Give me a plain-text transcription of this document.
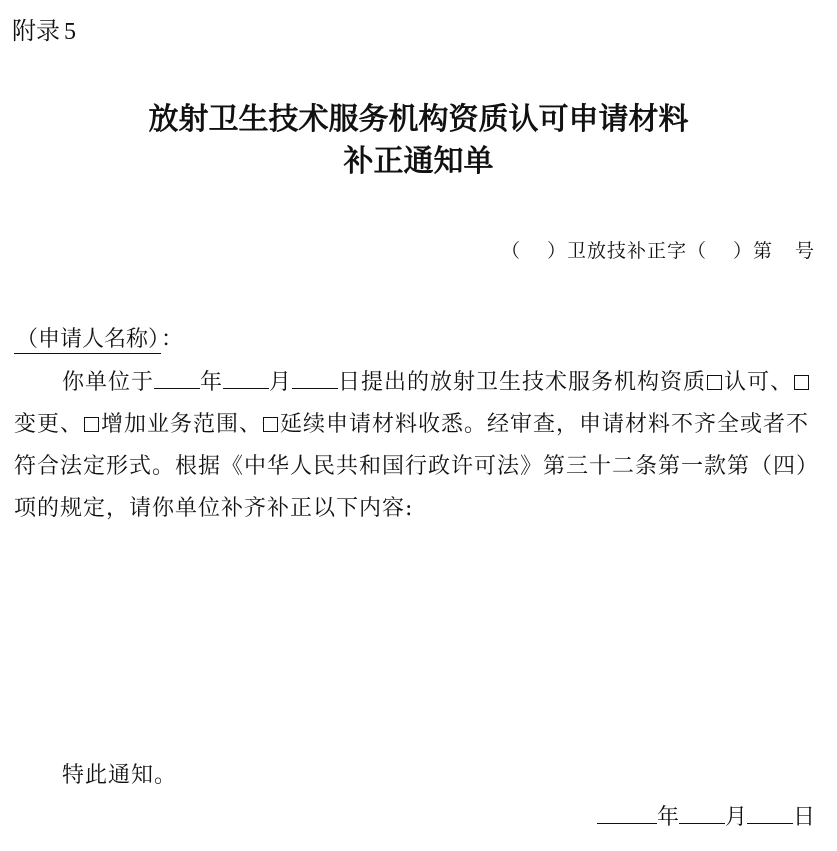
附录 5
放射卫生技术服务机构资质认可申请材料
补正通知单
（ ）卫放技补正字（ ）第 号
（申请人名称）：

你单位于 年 月 日提出的放射卫生技术服务机构资质 认可、变更、 增加业务范围、 延续申请材料收悉。经审查，申请材料不齐全或者不符合法定形式。根据《中华人民共和国行政许可法》第三十二条第一款第（四）项的规定，请你单位补齐补正以下内容:

特此通知。
年 月 日
